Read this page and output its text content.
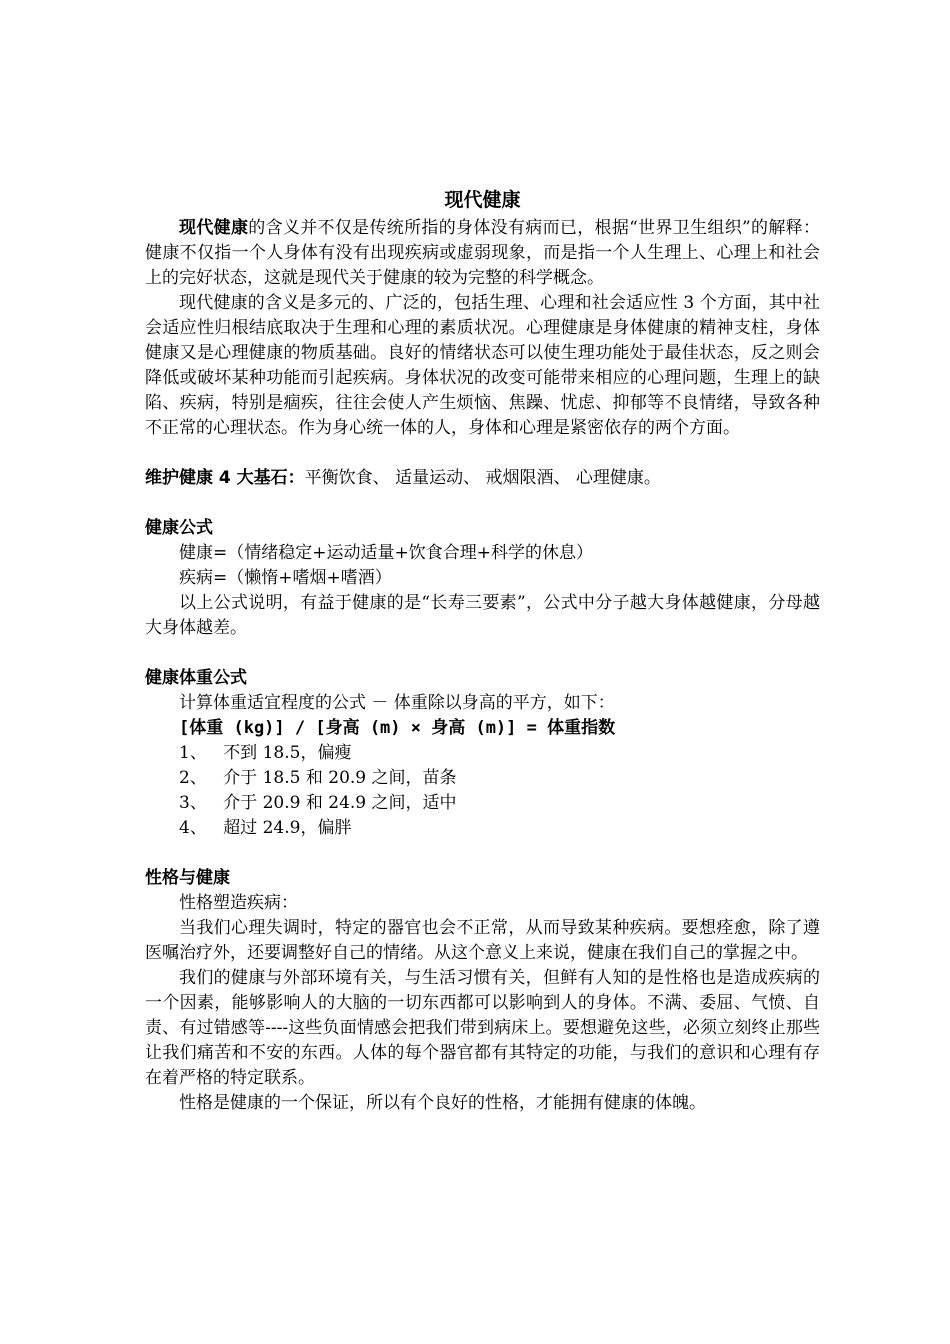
现代健康

现代健康的含义并不仅是传统所指的身体没有病而已，根据“世界卫生组织”的解释：健康不仅指一个人身体有没有出现疾病或虚弱现象，而是指一个人生理上、心理上和社会上的完好状态，这就是现代关于健康的较为完整的科学概念。

现代健康的含义是多元的、广泛的，包括生理、心理和社会适应性 3 个方面，其中社会适应性归根结底取决于生理和心理的素质状况。心理健康是身体健康的精神支柱，身体健康又是心理健康的物质基础。良好的情绪状态可以使生理功能处于最佳状态，反之则会降低或破坏某种功能而引起疾病。身体状况的改变可能带来相应的心理问题，生理上的缺陷、疾病，特别是痼疾，往往会使人产生烦恼、焦躁、忧虑、抑郁等不良情绪，导致各种不正常的心理状态。作为身心统一体的人，身体和心理是紧密依存的两个方面。

维护健康 4 大基石：平衡饮食、 适量运动、 戒烟限酒、 心理健康。
健康公式
健康=（情绪稳定+运动适量+饮食合理+科学的休息）
疾病=（懒惰+嗜烟+嗜酒）

以上公式说明，有益于健康的是“长寿三要素”，公式中分子越大身体越健康，分母越大身体越差。

健康体重公式
计算体重适宜程度的公式 － 体重除以身高的平方，如下：
[体重 (kg)] / [身高 (m) × 身高 (m)] = 体重指数
1、 不到 18.5，偏瘦
2、 介于 18.5 和 20.9 之间，苗条
3、 介于 20.9 和 24.9 之间，适中
4、 超过 24.9，偏胖
性格与健康
性格塑造疾病：

当我们心理失调时，特定的器官也会不正常，从而导致某种疾病。要想痊愈，除了遵医嘱治疗外，还要调整好自己的情绪。从这个意义上来说，健康在我们自己的掌握之中。

我们的健康与外部环境有关，与生活习惯有关，但鲜有人知的是性格也是造成疾病的一个因素，能够影响人的大脑的一切东西都可以影响到人的身体。不满、委屈、气愤、自责、有过错感等----这些负面情感会把我们带到病床上。要想避免这些，必须立刻终止那些让我们痛苦和不安的东西。人体的每个器官都有其特定的功能，与我们的意识和心理有存在着严格的特定联系。

性格是健康的一个保证，所以有个良好的性格，才能拥有健康的体魄。
